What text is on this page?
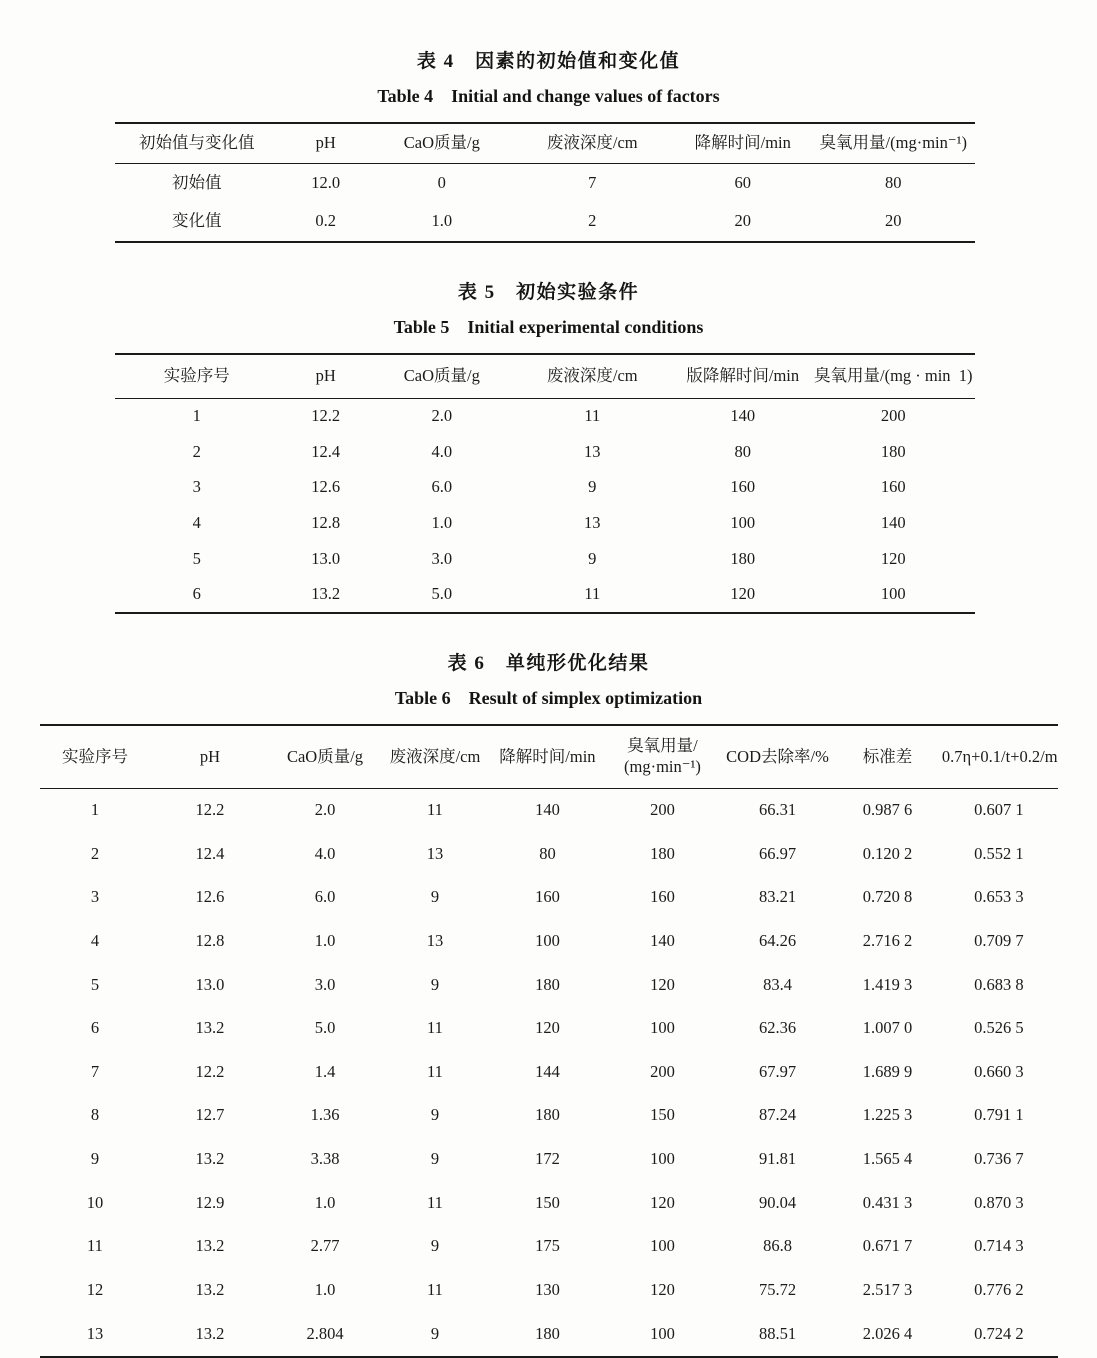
表 4　因素的初始值和变化值
Table 4　Initial and change values of factors
初始值与变化值	pH	CaO质量/g	废液深度/cm	降解时间/min	臭氧用量/(mg·min⁻¹)
初始值	12.0	0	7	60	80
变化值	0.2	1.0	2	20	20
表 5　初始实验条件
Table 5　Initial experimental conditions
实验序号	pH	CaO质量/g	废液深度/cm	版降解时间/min	臭氧用量/(mg · min 1)
1	12.2	2.0	11	140	200
2	12.4	4.0	13	80	180
3	12.6	6.0	9	160	160
4	12.8	1.0	13	100	140
5	13.0	3.0	9	180	120
6	13.2	5.0	11	120	100
表 6　单纯形优化结果
Table 6　Result of simplex optimization
实验序号	pH	CaO质量/g	废液深度/cm	降解时间/min	臭氧用量/
(mg·min⁻¹)	COD去除率/%	标准差	0.7η+0.1/t+0.2/m
1	12.2	2.0	11	140	200	66.31	0.987 6	0.607 1
2	12.4	4.0	13	80	180	66.97	0.120 2	0.552 1
3	12.6	6.0	9	160	160	83.21	0.720 8	0.653 3
4	12.8	1.0	13	100	140	64.26	2.716 2	0.709 7
5	13.0	3.0	9	180	120	83.4	1.419 3	0.683 8
6	13.2	5.0	11	120	100	62.36	1.007 0	0.526 5
7	12.2	1.4	11	144	200	67.97	1.689 9	0.660 3
8	12.7	1.36	9	180	150	87.24	1.225 3	0.791 1
9	13.2	3.38	9	172	100	91.81	1.565 4	0.736 7
10	12.9	1.0	11	150	120	90.04	0.431 3	0.870 3
11	13.2	2.77	9	175	100	86.8	0.671 7	0.714 3
12	13.2	1.0	11	130	120	75.72	2.517 3	0.776 2
13	13.2	2.804	9	180	100	88.51	2.026 4	0.724 2
